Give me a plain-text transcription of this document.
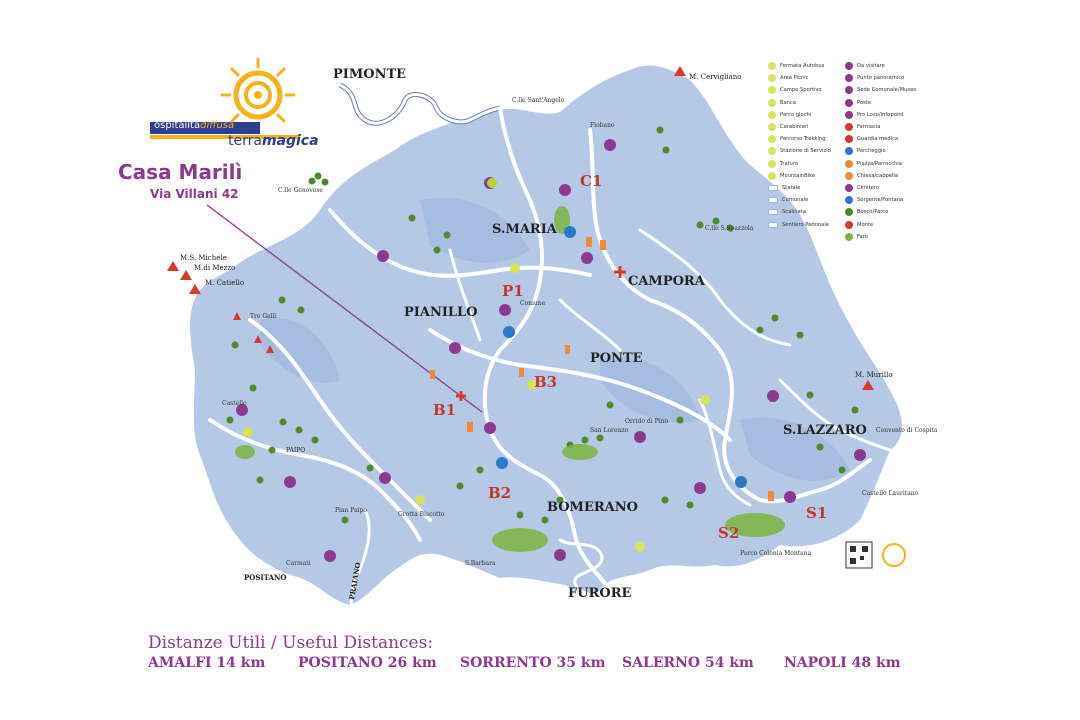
PIMONTE
S.MARIA
CAMPORA
PIANILLO
PONTE
S.LAZZARO
BOMERANO
FURORE
POSITANO	PRAIANO
PAIPO
M.S. Michele
M.di Mezzo
M. Catiello
M. Cervigliano
M. Murillo
C.lle Sant'Angelo
C.lle Genovese
C.lle S.Spazzola
Tre Galli
Castello
Fiobano
San Lorenzo
S.Barbara
Grotta Biscotto
Castello Lauritano
Convento di Cospita
Parco Colonia Montana
Orrido di Pino
Pian Paipo
Carmati
Comune
B1
B2
B3
C1
P1
S1
S2
ospitalitàdiffusa
terramagica
Casa Marilì
Via Villani 42
Fermata Autobus
Area Picnic
Campo Sportivo
Banca
Parco giochi
Carabinieri
Percorso Trekking
Stazione di Servizio
Trafuro
MountainBike
Statale
Comunale
Scalinata
Sentiero Pedonale
Da visitare
Punto panoramico
Sede Comunale/Museo
Poste
Pro Loco/Infopoint
Farmacia
Guardia medica
Parcheggio
Piazza/Parrocchia
Chiesa/cappella
Cimitero
Sorgente/Fontana
Bosco/Parco
Monte
Faro
Distanze Utili / Useful Distances:
AMALFI 14 km POSITANO 26 km SORRENTO 35 km SALERNO 54 km NAPOLI 48 km
